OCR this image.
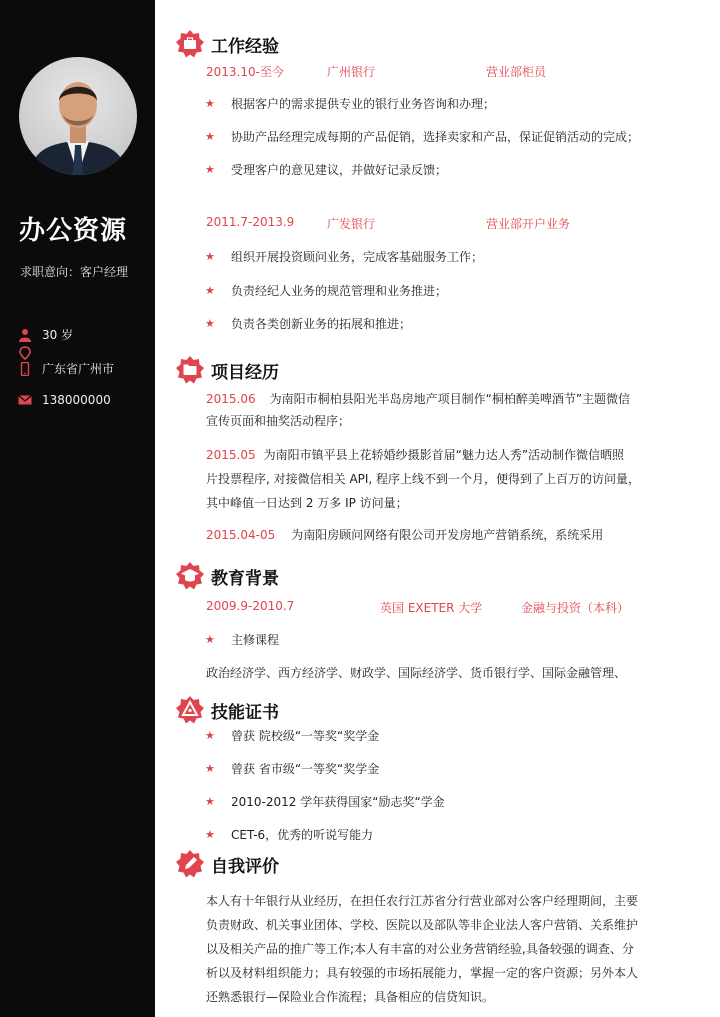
办公资源
求职意向：客户经理
30 岁
广东省广州市
138000000
工作经验
2013.10-至今	广州银行	营业部柜员
★	根据客户的需求提供专业的银行业务咨询和办理；
★	协助产品经理完成每期的产品促销，选择卖家和产品，保证促销活动的完成；
★	受理客户的意见建议，并做好记录反馈；
2011.7-2013.9	广发银行	营业部开户业务
★	组织开展投资顾问业务，完成客基础服务工作；
★	负责经纪人业务的规范管理和业务推进；
★	负责各类创新业务的拓展和推进；
项目经历
2015.06 为南阳市桐柏县阳光半岛房地产项目制作“桐柏醉美啤酒节”主题微信
宣传页面和抽奖活动程序；
2015.05 为南阳市镇平县上花轿婚纱摄影首届“魅力达人秀”活动制作微信晒照
片投票程序, 对接微信相关 API, 程序上线不到一个月，便得到了上百万的访问量，
其中峰值一日达到 2 万多 IP 访问量；
2015.04-05 为南阳房顾问网络有限公司开发房地产营销系统，系统采用
教育背景
2009.9-2010.7	英国 EXETER 大学	金融与投资（本科）
★	主修课程
政治经济学、西方经济学、财政学、国际经济学、货币银行学、国际金融管理、
技能证书
★	曾获 院校级“一等奖“奖学金
★	曾获 省市级“一等奖“奖学金
★	2010-2012 学年获得国家“励志奖“学金
★	CET-6，优秀的听说写能力
自我评价
本人有十年银行从业经历，在担任农行江苏省分行营业部对公客户经理期间，主要
负责财政、机关事业团体、学校、医院以及部队等非企业法人客户营销、关系维护
以及相关产品的推广等工作;本人有丰富的对公业务营销经验,具备较强的调查、分
析以及材料组织能力；具有较强的市场拓展能力，掌握一定的客户资源；另外本人
还熟悉银行—保险业合作流程；具备相应的信贷知识。
